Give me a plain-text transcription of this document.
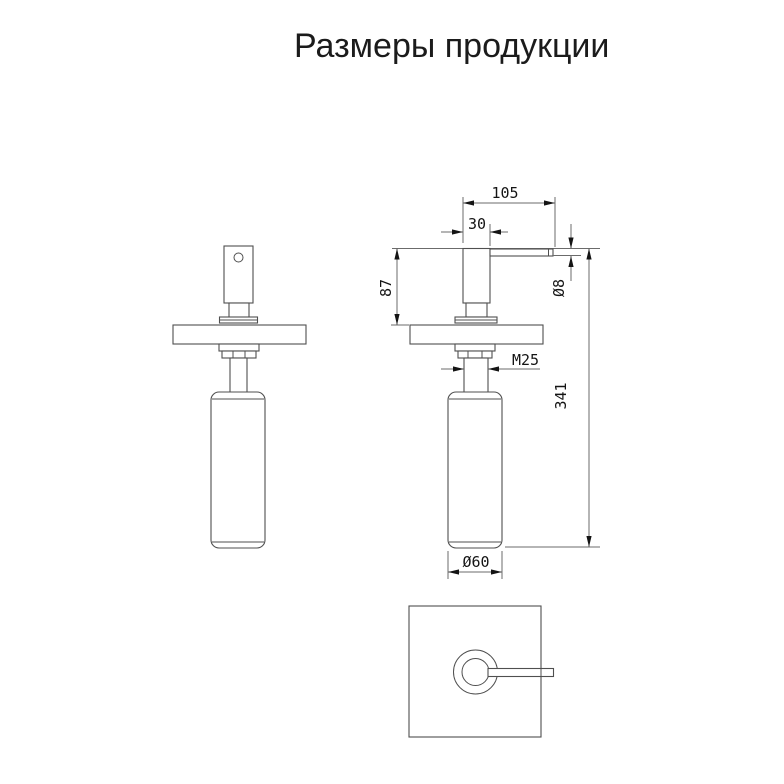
Размеры продукции
105
30
87	Ø8
M25
341
Ø60
